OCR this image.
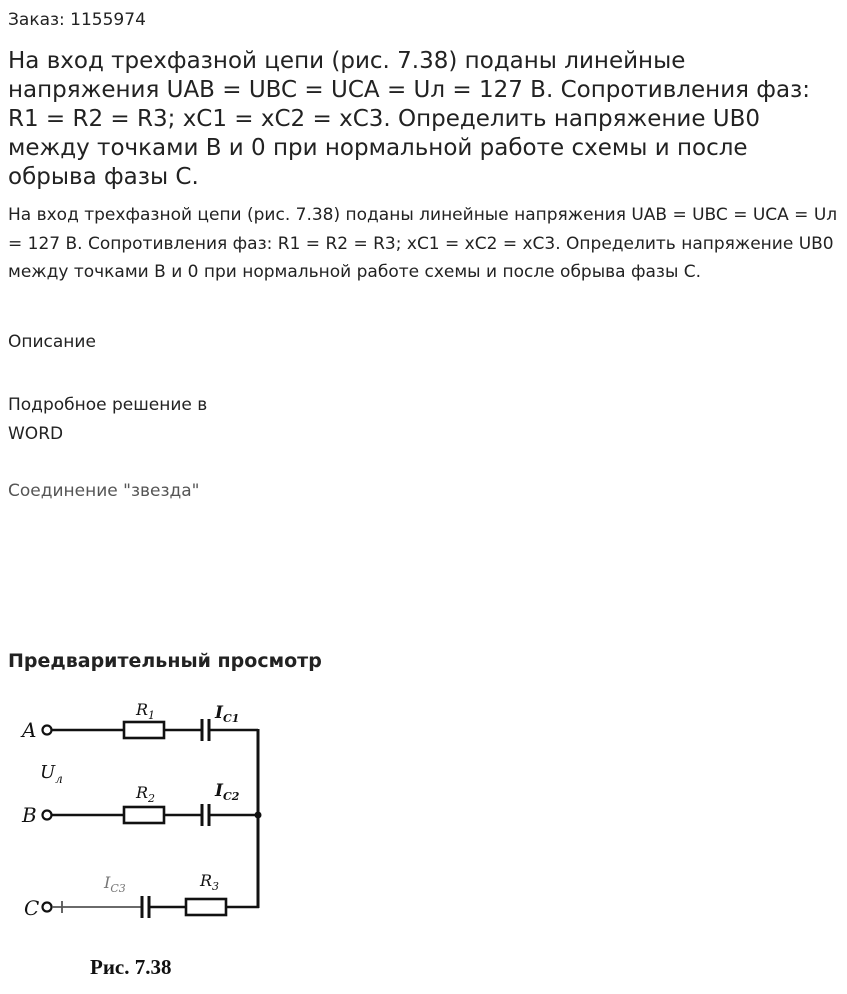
Заказ: 1155974
На вход трехфазной цепи (рис. 7.38) поданы линейные напряжения UAB = UBC = UCA = Uл = 127 В. Сопротивления фаз: R1 = R2 = R3; xC1 = xC2 = xC3. Определить напряжение UB0 между точками В и 0 при нормальной работе схемы и после обрыва фазы С.

На вход трехфазной цепи (рис. 7.38) поданы линейные напряжения UAB = UBC = UCA = Uл = 127 В. Сопротивления фаз: R1 = R2 = R3; xC1 = xC2 = xC3. Определить напряжение UB0 между точками В и 0 при нормальной работе схемы и после обрыва фазы С.

Описание
Подробное решение в WORD
Соединение "звезда"
Предварительный просмотр
A
$R_1$	$I_{C1}$
$U_л$
B
$R_2$	$I_{C2}$
C
$I_{C3}$	$R_3$
Рис. 7.38
